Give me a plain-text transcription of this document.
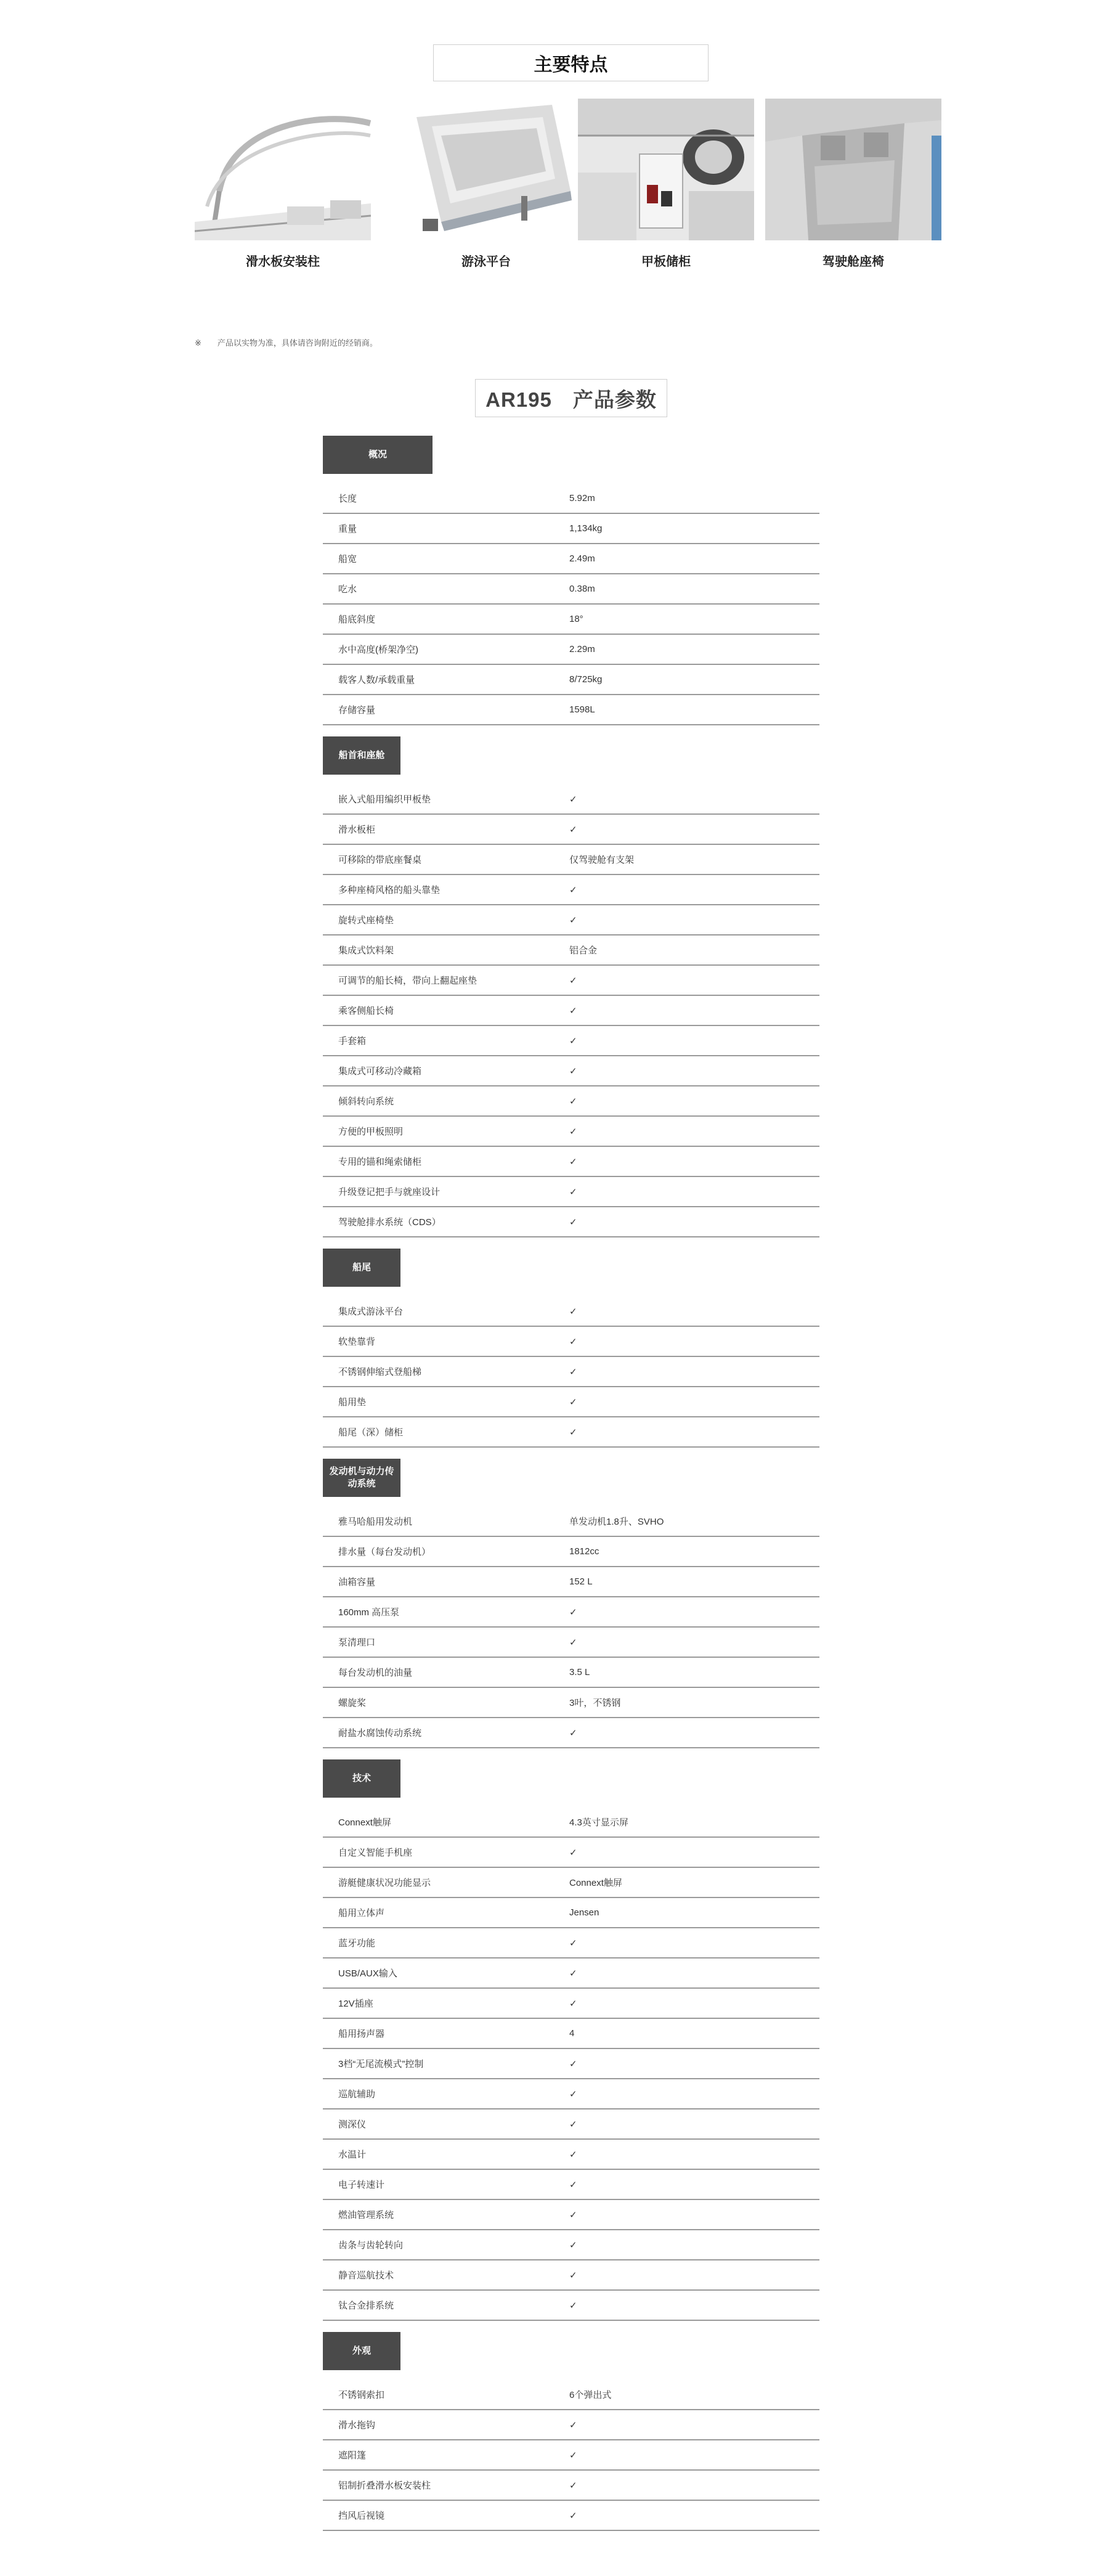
主要特点
滑水板安装柱	游泳平台	甲板储柜	驾驶舱座椅
※ 产品以实物为准，具体请咨询附近的经销商。
AR195　产品参数
概况
长度	5.92m
重量	1,134kg
船宽	2.49m
吃水	0.38m
船底斜度	18°
水中高度(桥架净空)	2.29m
载客人数/承载重量	8/725kg
存储容量	1598L
船首和座舱
嵌入式船用编织甲板垫	✓
滑水板柜	✓
可移除的带底座餐桌	仅驾驶舱有支架
多种座椅风格的船头靠垫	✓
旋转式座椅垫	✓
集成式饮料架	铝合金
可调节的船长椅，带向上翻起座垫	✓
乘客侧船长椅	✓
手套箱	✓
集成式可移动冷藏箱	✓
倾斜转向系统	✓
方便的甲板照明	✓
专用的锚和绳索储柜	✓
升级登记把手与就座设计	✓
驾驶舱排水系统（CDS）	✓
船尾
集成式游泳平台	✓
软垫靠背	✓
不锈钢伸缩式登船梯	✓
船用垫	✓
船尾（深）储柜	✓
发动机与动力传动系统
雅马哈船用发动机	单发动机1.8升、SVHO
排水量（每台发动机）	1812cc
油箱容量	152 L
160mm 高压泵	✓
泵清理口	✓
每台发动机的油量	3.5 L
螺旋桨	3叶，不锈钢
耐盐水腐蚀传动系统	✓
技术
Connext触屏	4.3英寸显示屏
自定义智能手机座	✓
游艇健康状况功能显示	Connext触屏
船用立体声	Jensen
蓝牙功能	✓
USB/AUX输入	✓
12V插座	✓
船用扬声器	4
3档“无尾流模式”控制	✓
巡航辅助	✓
测深仪	✓
水温计	✓
电子转速计	✓
燃油管理系统	✓
齿条与齿轮转向	✓
静音巡航技术	✓
钛合金排系统	✓
外观
不锈钢索扣	6个弹出式
滑水拖钩	✓
遮阳篷	✓
铝制折叠滑水板安装柱	✓
挡风后视镜	✓
